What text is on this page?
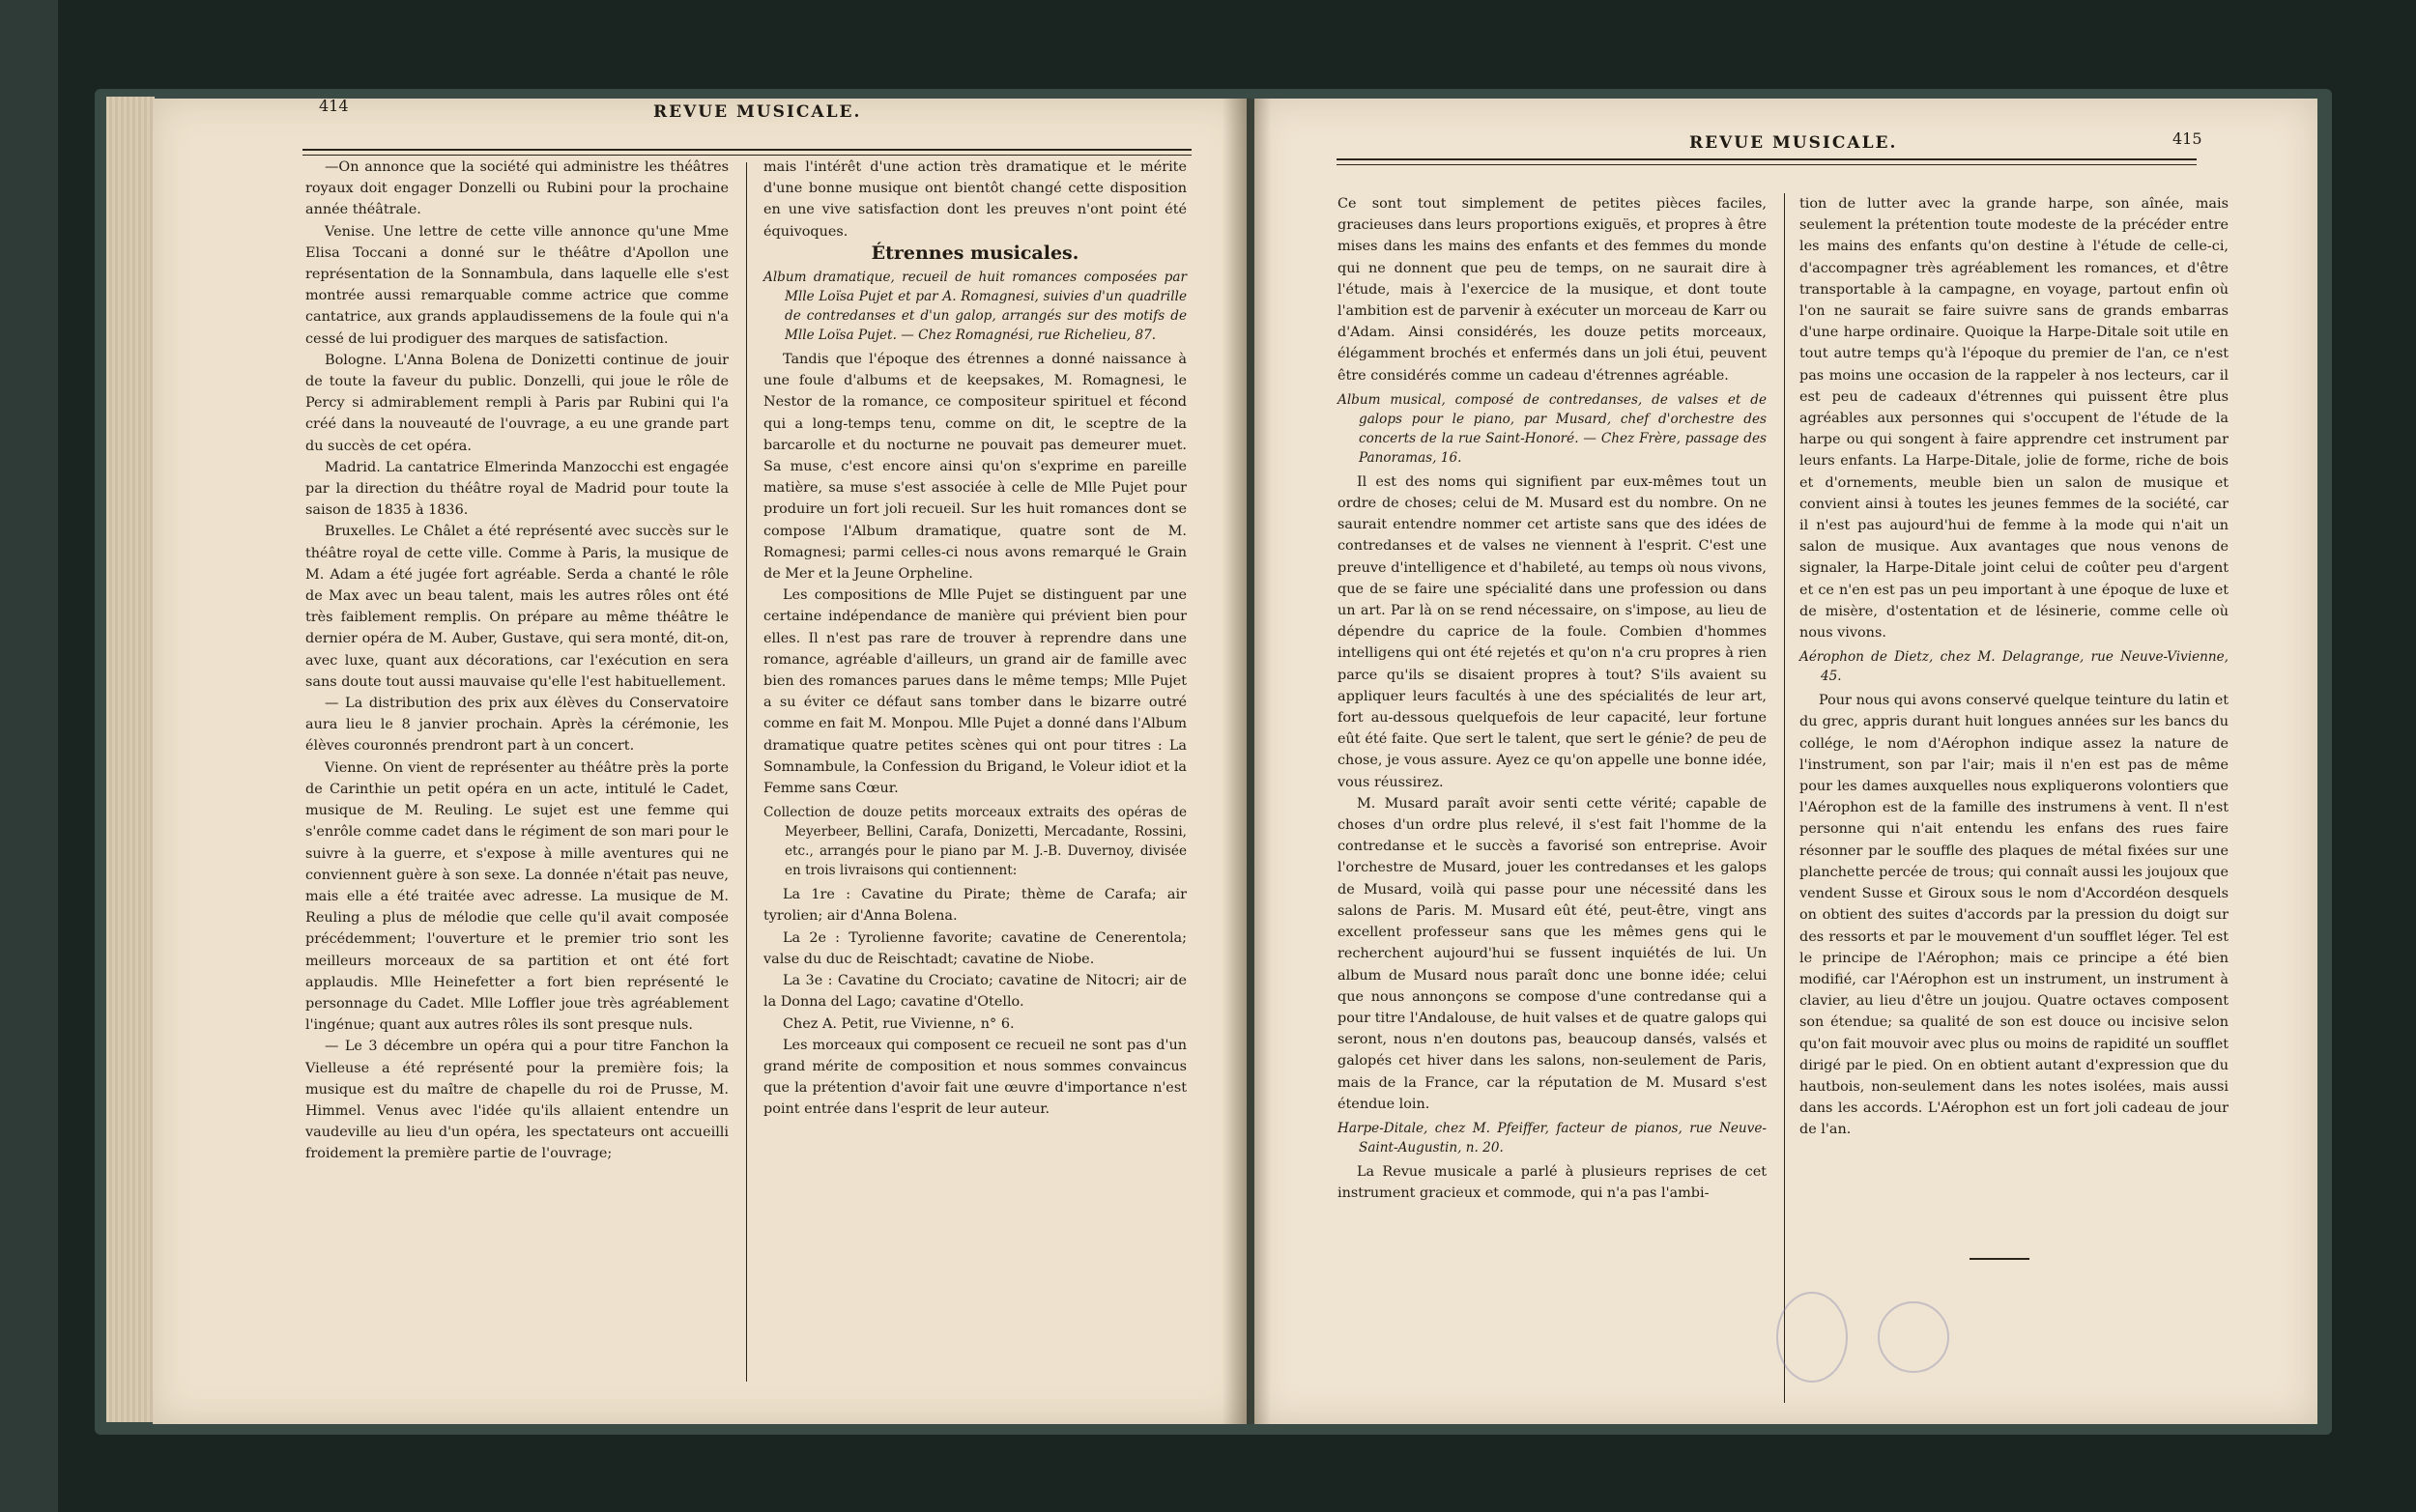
414	REVUE MUSICALE.

—On annonce que la société qui administre les théâtres royaux doit engager Donzelli ou Rubini pour la prochaine année théâtrale.

Venise. Une lettre de cette ville annonce qu'une Mme Elisa Toccani a donné sur le théâtre d'Apollon une représentation de la Sonnambula, dans laquelle elle s'est montrée aussi remarquable comme actrice que comme cantatrice, aux grands applaudissemens de la foule qui n'a cessé de lui prodiguer des marques de satisfaction.

Bologne. L'Anna Bolena de Donizetti continue de jouir de toute la faveur du public. Donzelli, qui joue le rôle de Percy si admirablement rempli à Paris par Rubini qui l'a créé dans la nouveauté de l'ouvrage, a eu une grande part du succès de cet opéra.

Madrid. La cantatrice Elmerinda Manzocchi est engagée par la direction du théâtre royal de Madrid pour toute la saison de 1835 à 1836.

Bruxelles. Le Châlet a été représenté avec succès sur le théâtre royal de cette ville. Comme à Paris, la musique de M. Adam a été jugée fort agréable. Serda a chanté le rôle de Max avec un beau talent, mais les autres rôles ont été très faiblement remplis. On prépare au même théâtre le dernier opéra de M. Auber, Gustave, qui sera monté, dit-on, avec luxe, quant aux décorations, car l'exécution en sera sans doute tout aussi mauvaise qu'elle l'est habituellement.

— La distribution des prix aux élèves du Conservatoire aura lieu le 8 janvier prochain. Après la cérémonie, les élèves couronnés prendront part à un concert.

Vienne. On vient de représenter au théâtre près la porte de Carinthie un petit opéra en un acte, intitulé le Cadet, musique de M. Reuling. Le sujet est une femme qui s'enrôle comme cadet dans le régiment de son mari pour le suivre à la guerre, et s'expose à mille aventures qui ne conviennent guère à son sexe. La donnée n'était pas neuve, mais elle a été traitée avec adresse. La musique de M. Reuling a plus de mélodie que celle qu'il avait composée précédemment; l'ouverture et le premier trio sont les meilleurs morceaux de sa partition et ont été fort applaudis. Mlle Heinefetter a fort bien représenté le personnage du Cadet. Mlle Loffler joue très agréablement l'ingénue; quant aux autres rôles ils sont presque nuls.

— Le 3 décembre un opéra qui a pour titre Fanchon la Vielleuse a été représenté pour la première fois; la musique est du maître de chapelle du roi de Prusse, M. Himmel. Venus avec l'idée qu'ils allaient entendre un vaudeville au lieu d'un opéra, les spectateurs ont accueilli froidement la première partie de l'ouvrage;

mais l'intérêt d'une action très dramatique et le mérite d'une bonne musique ont bientôt changé cette disposition en une vive satisfaction dont les preuves n'ont point été équivoques.

Étrennes musicales.

Album dramatique, recueil de huit romances composées par Mlle Loïsa Pujet et par A. Romagnesi, suivies d'un quadrille de contredanses et d'un galop, arrangés sur des motifs de Mlle Loïsa Pujet. — Chez Romagnési, rue Richelieu, 87.

Tandis que l'époque des étrennes a donné naissance à une foule d'albums et de keepsakes, M. Romagnesi, le Nestor de la romance, ce compositeur spirituel et fécond qui a long-temps tenu, comme on dit, le sceptre de la barcarolle et du nocturne ne pouvait pas demeurer muet. Sa muse, c'est encore ainsi qu'on s'exprime en pareille matière, sa muse s'est associée à celle de Mlle Pujet pour produire un fort joli recueil. Sur les huit romances dont se compose l'Album dramatique, quatre sont de M. Romagnesi; parmi celles-ci nous avons remarqué le Grain de Mer et la Jeune Orpheline.

Les compositions de Mlle Pujet se distinguent par une certaine indépendance de manière qui prévient bien pour elles. Il n'est pas rare de trouver à reprendre dans une romance, agréable d'ailleurs, un grand air de famille avec bien des romances parues dans le même temps; Mlle Pujet a su éviter ce défaut sans tomber dans le bizarre outré comme en fait M. Monpou. Mlle Pujet a donné dans l'Album dramatique quatre petites scènes qui ont pour titres : La Somnambule, la Confession du Brigand, le Voleur idiot et la Femme sans Cœur.

Collection de douze petits morceaux extraits des opéras de Meyerbeer, Bellini, Carafa, Donizetti, Mercadante, Rossini, etc., arrangés pour le piano par M. J.-B. Duvernoy, divisée en trois livraisons qui contiennent:

La 1re : Cavatine du Pirate; thème de Carafa; air tyrolien; air d'Anna Bolena.

La 2e : Tyrolienne favorite; cavatine de Cenerentola; valse du duc de Reischtadt; cavatine de Niobe.

La 3e : Cavatine du Crociato; cavatine de Nitocri; air de la Donna del Lago; cavatine d'Otello.

Chez A. Petit, rue Vivienne, n° 6.

Les morceaux qui composent ce recueil ne sont pas d'un grand mérite de composition et nous sommes convaincus que la prétention d'avoir fait une œuvre d'importance n'est point entrée dans l'esprit de leur auteur.

REVUE MUSICALE.	415

Ce sont tout simplement de petites pièces faciles, gracieuses dans leurs proportions exiguës, et propres à être mises dans les mains des enfants et des femmes du monde qui ne donnent que peu de temps, on ne saurait dire à l'étude, mais à l'exercice de la musique, et dont toute l'ambition est de parvenir à exécuter un morceau de Karr ou d'Adam. Ainsi considérés, les douze petits morceaux, élégamment brochés et enfermés dans un joli étui, peuvent être considérés comme un cadeau d'étrennes agréable.

Album musical, composé de contredanses, de valses et de galops pour le piano, par Musard, chef d'orchestre des concerts de la rue Saint-Honoré. — Chez Frère, passage des Panoramas, 16.

Il est des noms qui signifient par eux-mêmes tout un ordre de choses; celui de M. Musard est du nombre. On ne saurait entendre nommer cet artiste sans que des idées de contredanses et de valses ne viennent à l'esprit. C'est une preuve d'intelligence et d'habileté, au temps où nous vivons, que de se faire une spécialité dans une profession ou dans un art. Par là on se rend nécessaire, on s'impose, au lieu de dépendre du caprice de la foule. Combien d'hommes intelligens qui ont été rejetés et qu'on n'a cru propres à rien parce qu'ils se disaient propres à tout? S'ils avaient su appliquer leurs facultés à une des spécialités de leur art, fort au-dessous quelquefois de leur capacité, leur fortune eût été faite. Que sert le talent, que sert le génie? de peu de chose, je vous assure. Ayez ce qu'on appelle une bonne idée, vous réussirez.

M. Musard paraît avoir senti cette vérité; capable de choses d'un ordre plus relevé, il s'est fait l'homme de la contredanse et le succès a favorisé son entreprise. Avoir l'orchestre de Musard, jouer les contredanses et les galops de Musard, voilà qui passe pour une nécessité dans les salons de Paris. M. Musard eût été, peut-être, vingt ans excellent professeur sans que les mêmes gens qui le recherchent aujourd'hui se fussent inquiétés de lui. Un album de Musard nous paraît donc une bonne idée; celui que nous annonçons se compose d'une contredanse qui a pour titre l'Andalouse, de huit valses et de quatre galops qui seront, nous n'en doutons pas, beaucoup dansés, valsés et galopés cet hiver dans les salons, non-seulement de Paris, mais de la France, car la réputation de M. Musard s'est étendue loin.

Harpe-Ditale, chez M. Pfeiffer, facteur de pianos, rue Neuve-Saint-Augustin, n. 20.

La Revue musicale a parlé à plusieurs reprises de cet instrument gracieux et commode, qui n'a pas l'ambi-

tion de lutter avec la grande harpe, son aînée, mais seulement la prétention toute modeste de la précéder entre les mains des enfants qu'on destine à l'étude de celle-ci, d'accompagner très agréablement les romances, et d'être transportable à la campagne, en voyage, partout enfin où l'on ne saurait se faire suivre sans de grands embarras d'une harpe ordinaire. Quoique la Harpe-Ditale soit utile en tout autre temps qu'à l'époque du premier de l'an, ce n'est pas moins une occasion de la rappeler à nos lecteurs, car il est peu de cadeaux d'étrennes qui puissent être plus agréables aux personnes qui s'occupent de l'étude de la harpe ou qui songent à faire apprendre cet instrument par leurs enfants. La Harpe-Ditale, jolie de forme, riche de bois et d'ornements, meuble bien un salon de musique et convient ainsi à toutes les jeunes femmes de la société, car il n'est pas aujourd'hui de femme à la mode qui n'ait un salon de musique. Aux avantages que nous venons de signaler, la Harpe-Ditale joint celui de coûter peu d'argent et ce n'en est pas un peu important à une époque de luxe et de misère, d'ostentation et de lésinerie, comme celle où nous vivons.

Aérophon de Dietz, chez M. Delagrange, rue Neuve-Vivienne, 45.

Pour nous qui avons conservé quelque teinture du latin et du grec, appris durant huit longues années sur les bancs du collége, le nom d'Aérophon indique assez la nature de l'instrument, son par l'air; mais il n'en est pas de même pour les dames auxquelles nous expliquerons volontiers que l'Aérophon est de la famille des instrumens à vent. Il n'est personne qui n'ait entendu les enfans des rues faire résonner par le souffle des plaques de métal fixées sur une planchette percée de trous; qui connaît aussi les joujoux que vendent Susse et Giroux sous le nom d'Accordéon desquels on obtient des suites d'accords par la pression du doigt sur des ressorts et par le mouvement d'un soufflet léger. Tel est le principe de l'Aérophon; mais ce principe a été bien modifié, car l'Aérophon est un instrument, un instrument à clavier, au lieu d'être un joujou. Quatre octaves composent son étendue; sa qualité de son est douce ou incisive selon qu'on fait mouvoir avec plus ou moins de rapidité un soufflet dirigé par le pied. On en obtient autant d'expression que du hautbois, non-seulement dans les notes isolées, mais aussi dans les accords. L'Aérophon est un fort joli cadeau de jour de l'an.
